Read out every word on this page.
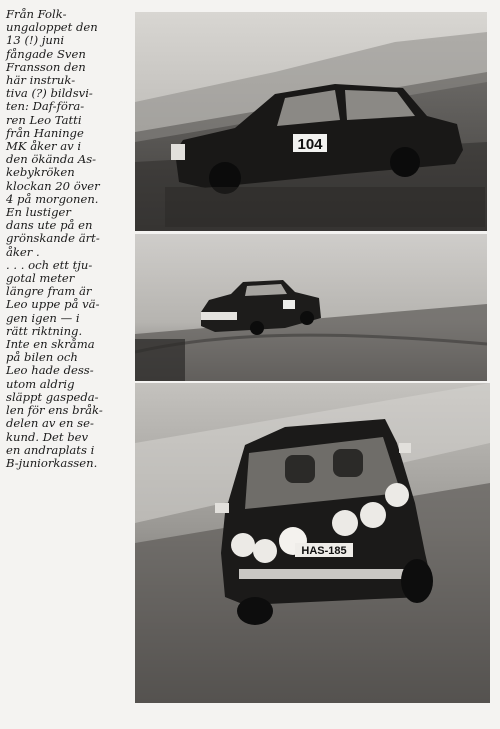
Från Folk-
ungaloppet den
13 (!) juni
fångade Sven
Fransson den
här instruk-
tiva (?) bildsvi-
ten: Daf-föra-
ren Leo Tatti
från Haninge
MK åker av i
den ökända As-
kebykröken
klockan 20 över
4 på morgonen.
En lustiger
dans ute på en
grönskande ärt-
åker .
. . . och ett tju-
gotal meter
längre fram är
Leo uppe på vä-
gen igen — i
rätt riktning.
Inte en skråma
på bilen och
Leo hade dess-
utom aldrig
släppt gaspeda-
len för ens bråk-
delen av en se-
kund. Det bev
en andraplats i
B-juniorkassen.
104
HAS-185
